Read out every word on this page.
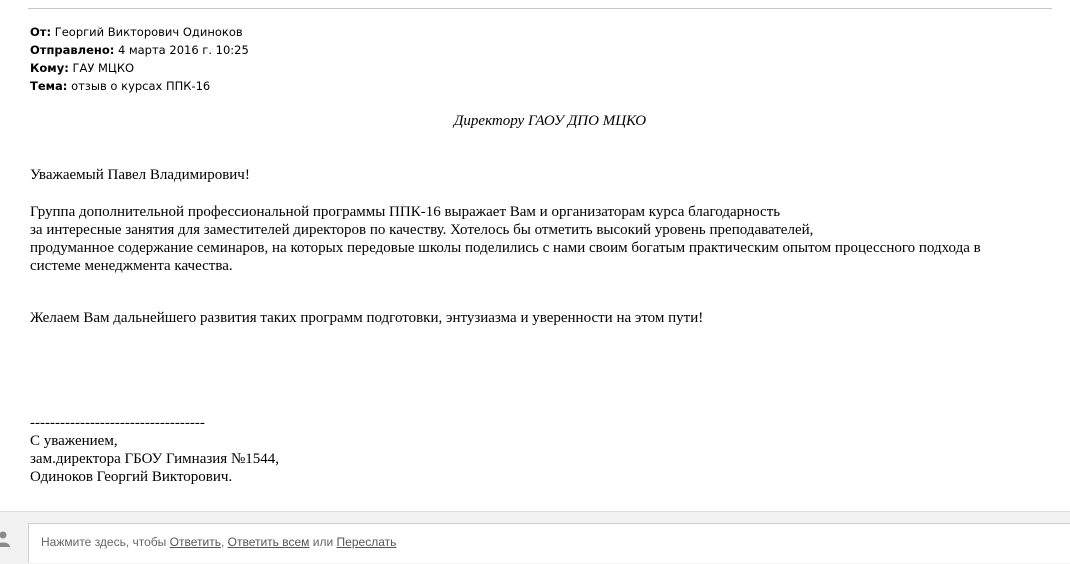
От: Георгий Викторович Одиноков
Отправлено: 4 марта 2016 г. 10:25
Кому: ГАУ МЦКО
Тема: отзыв о курсах ППК-16
Директору ГАОУ ДПО МЦКО
Уважаемый Павел Владимирович!
Группа дополнительной профессиональной программы ППК-16 выражает Вам и организаторам курса благодарность
за интересные занятия для заместителей директоров по качеству. Хотелось бы отметить высокий уровень преподавателей,
продуманное содержание семинаров, на которых передовые школы поделились с нами своим богатым практическим опытом процессного подхода в
системе менеджмента качества.
Желаем Вам дальнейшего развития таких программ подготовки, энтузиазма и уверенности на этом пути!
-----------------------------------
С уважением,
зам.директора ГБОУ Гимназия №1544,
Одиноков Георгий Викторович.
Нажмите здесь, чтобы Ответить, Ответить всем или Переслать
